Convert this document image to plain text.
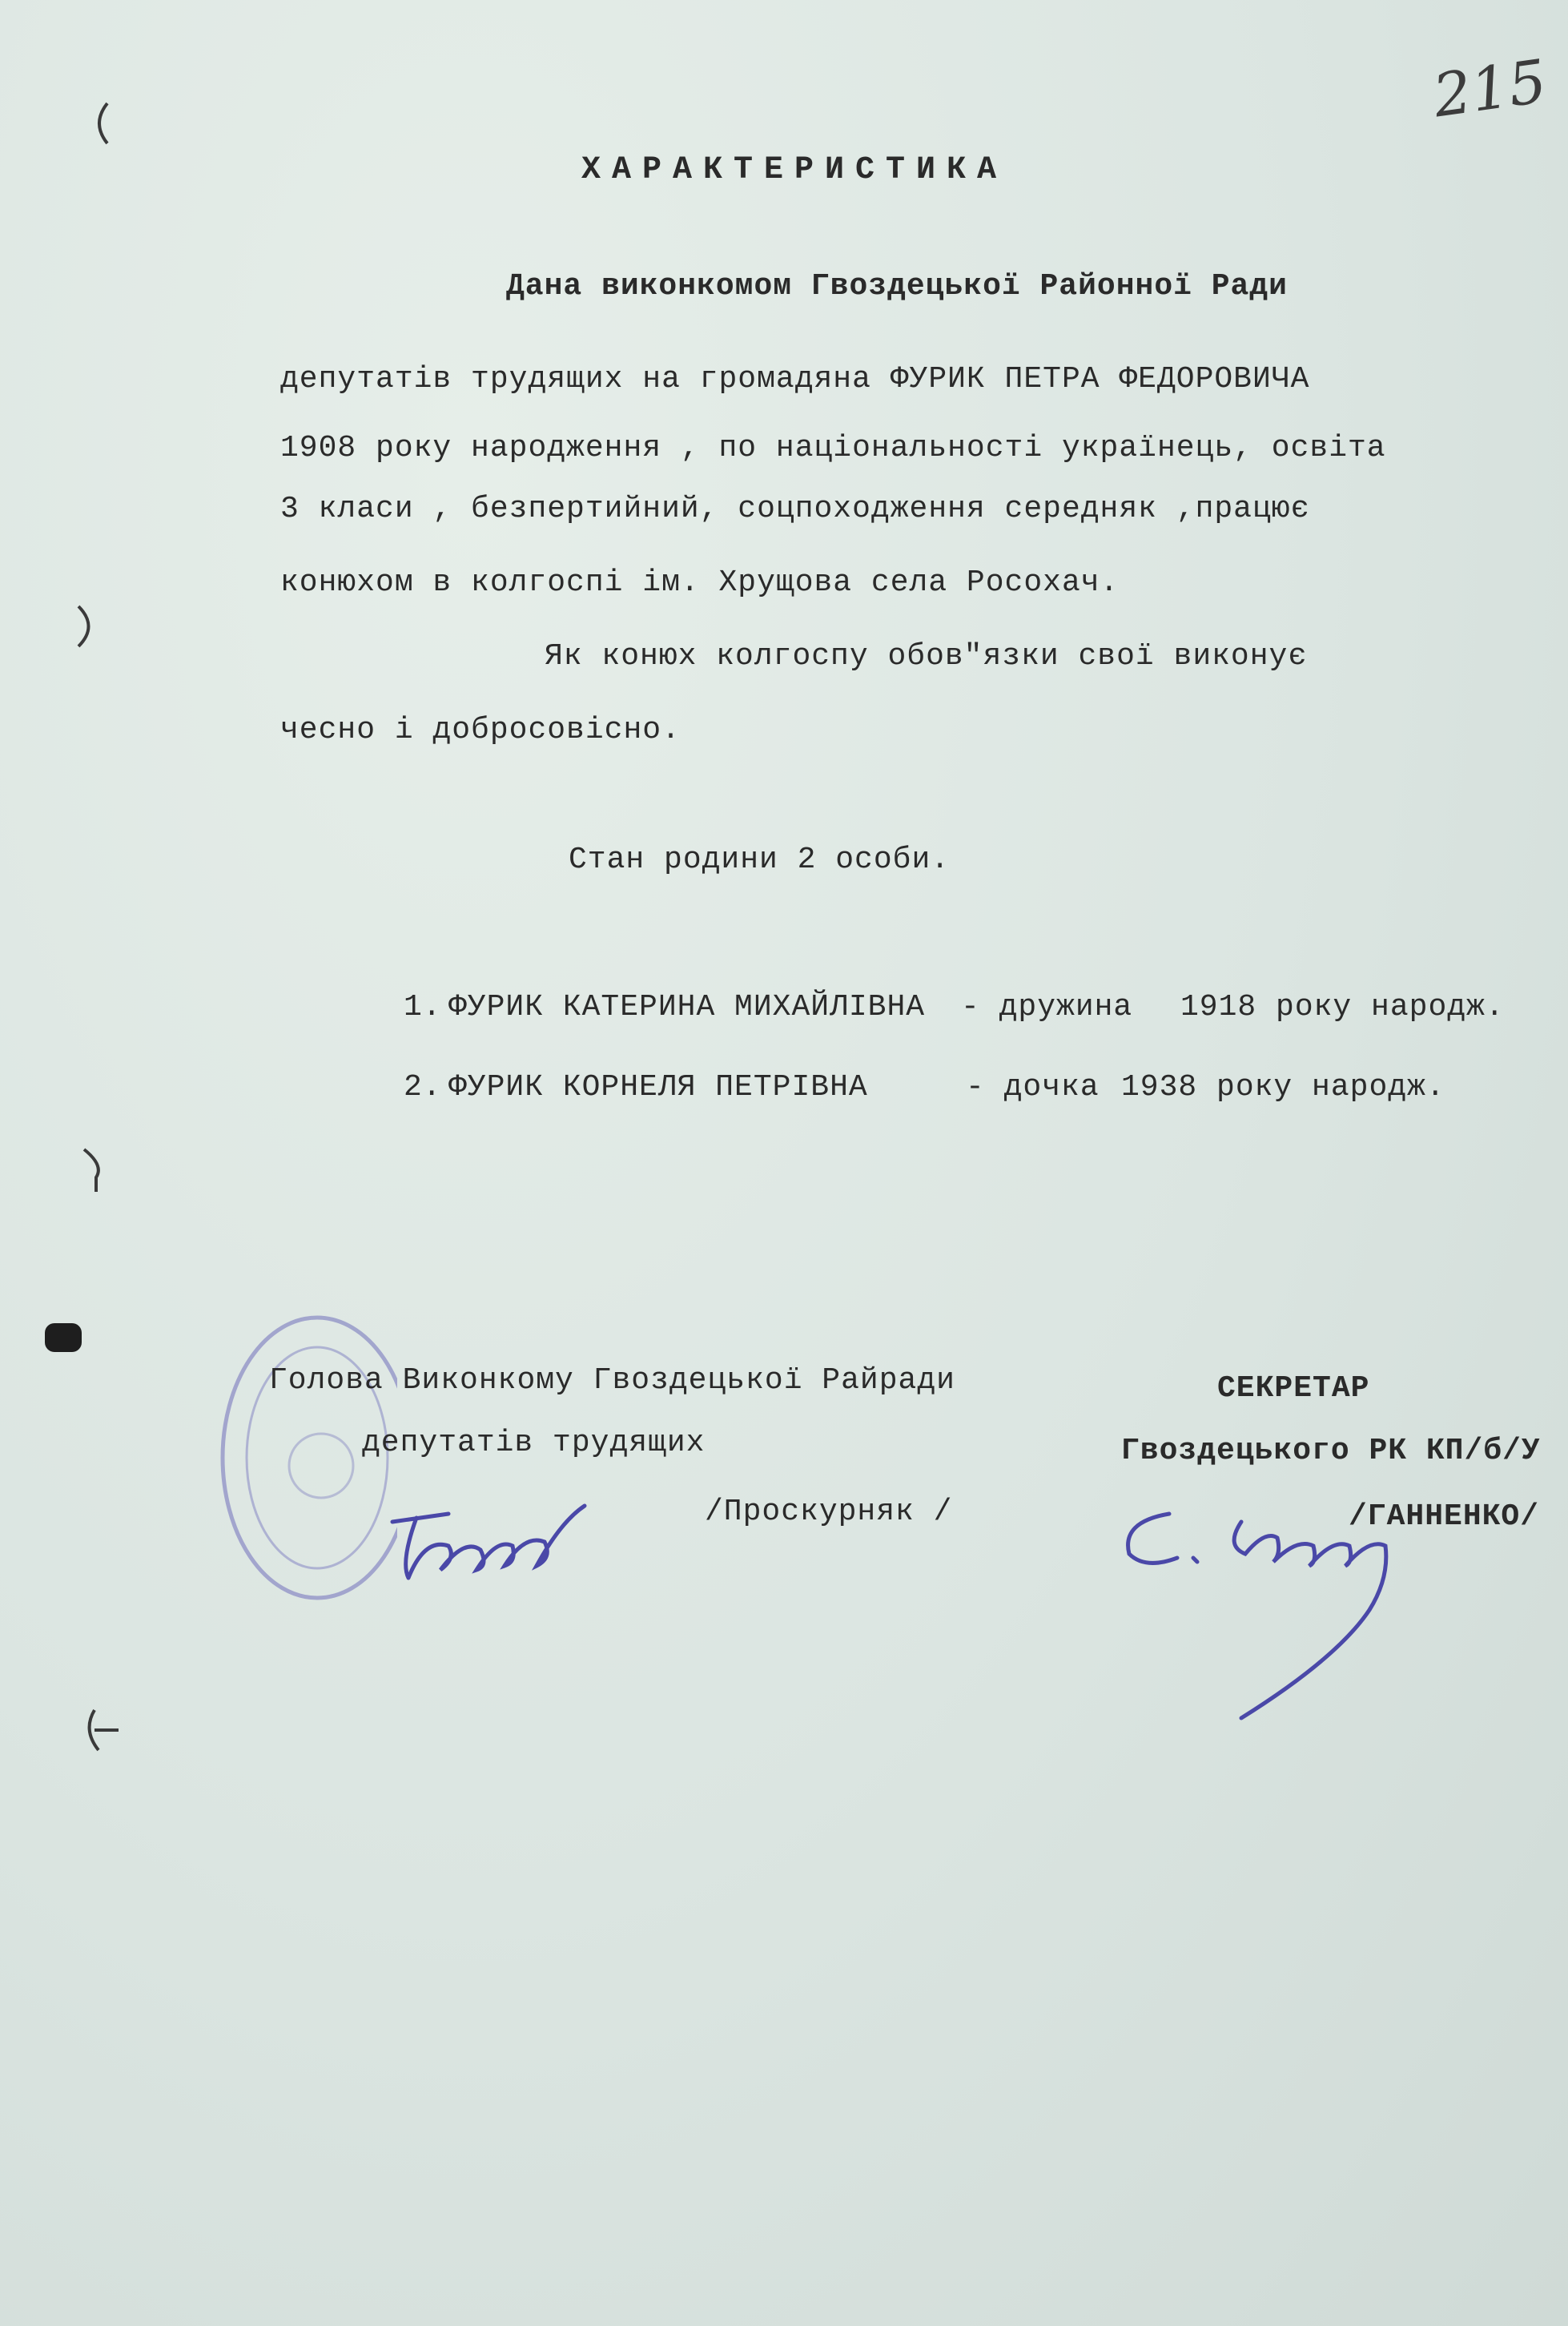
215
ХАРАКТЕРИСТИКА
Дана виконкомом Гвоздецької Районної Ради
депутатів трудящих на громадяна ФУРИК ПЕТРА ФЕДОРОВИЧА
1908 року народження , по національності українець, освіта
3 класи , безпертийний, соцпоходження середняк ,працює
конюхом в колгоспі ім. Хрущова села Росохач.
Як конюх колгоспу обов"язки свої виконує
чесно і добросовісно.
Стан родини 2 особи.
1. ФУРИК КАТЕРИНА МИХАЙЛІВНА - дружина 1918 року народж.
2. ФУРИК КОРНЕЛЯ ПЕТРІВНА	- дочка 1938 року народж.
Голова Виконкому Гвоздецької Райради
депутатів трудящих
/Проскурняк /
СЕКРЕТАР
Гвоздецького РК КП/б/У
/ГАННЕНКО/
